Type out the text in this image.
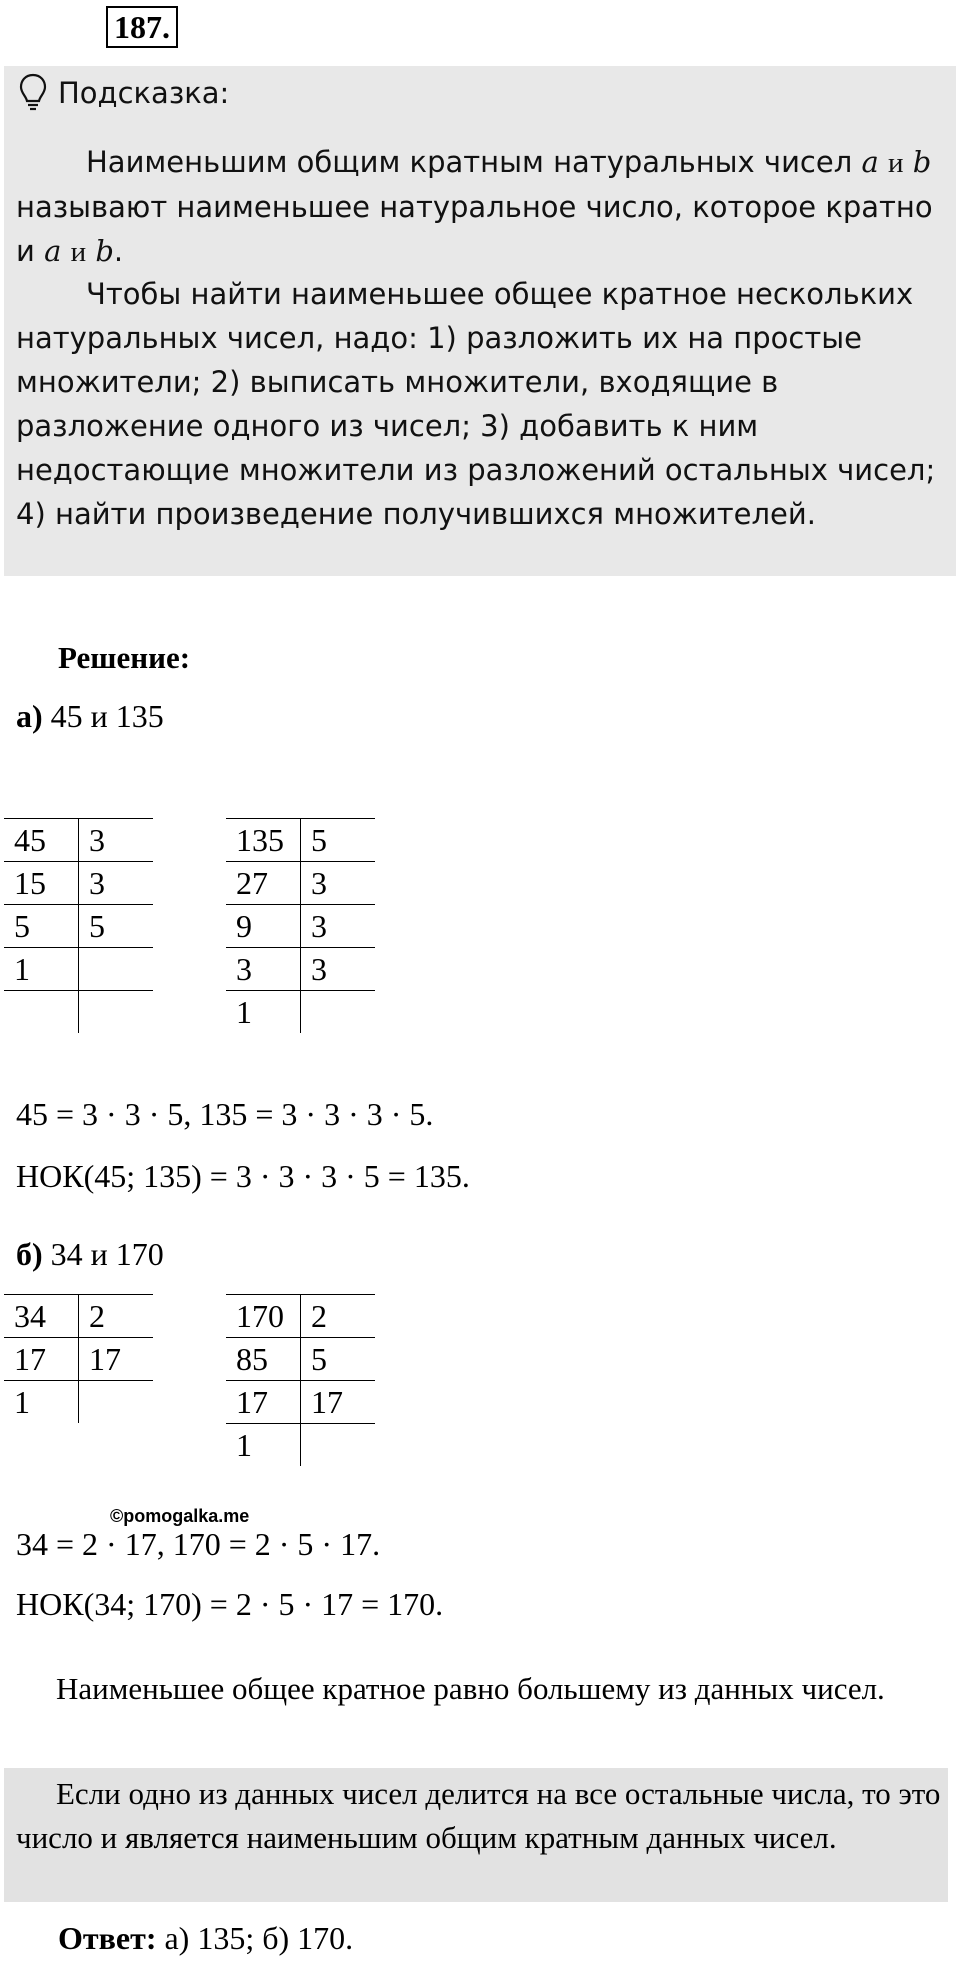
187.
Подсказка:
Наименьшим общим кратным натуральных чисел a и b называют наименьшее натуральное число, которое кратно и a и b.
Чтобы найти наименьшее общее кратное нескольких натуральных чисел, надо: 1) разложить их на простые множители; 2) выписать множители, входящие в разложение одного из чисел; 3) добавить к ним недостающие множители из разложений остальных чисел; 4) найти произведение получившихся множителей.
Решение:
а) 45 и 135
45	3
15	3
5	5
1	

135	5
27	3
9	3
3	3
1	
45 = 3 · 3 · 5, 135 = 3 · 3 · 3 · 5.
НОК(45; 135) = 3 · 3 · 3 · 5 = 135.
б) 34 и 170
34	2
17	17
1	
170	2
85	5
17	17
1	
©pomogalka.me
34 = 2 · 17, 170 = 2 · 5 · 17.
НОК(34; 170) = 2 · 5 · 17 = 170.
Наименьшее общее кратное равно большему из данных чисел.
Если одно из данных чисел делится на все остальные числа, то это число и является наименьшим общим кратным данных чисел.
Ответ: а) 135; б) 170.
